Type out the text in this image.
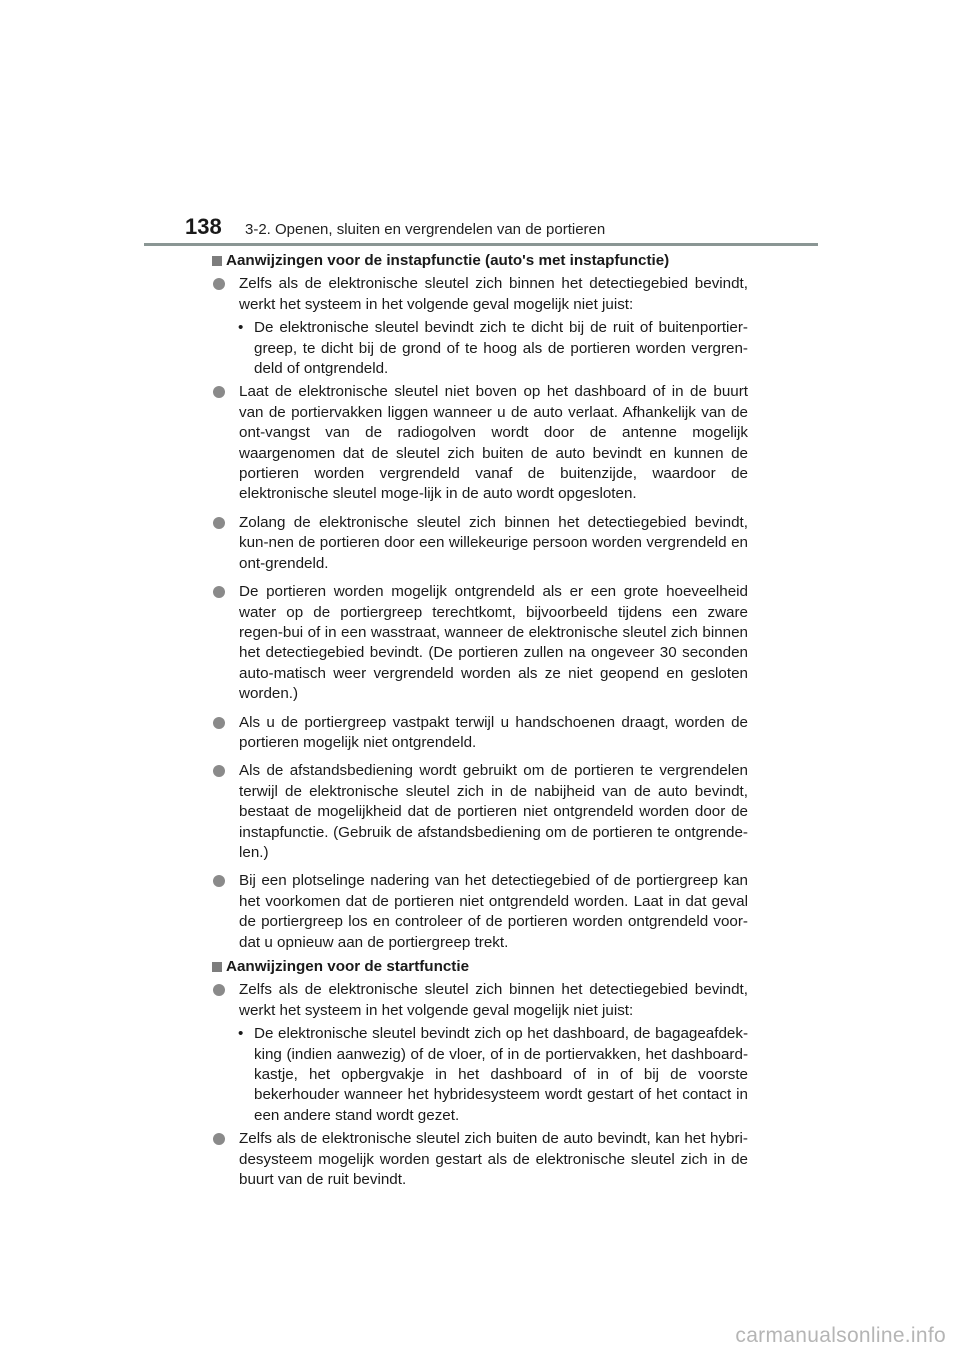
138	3-2. Openen, sluiten en vergrendelen van de portieren
Aanwijzingen voor de instapfunctie (auto's met instapfunctie)
Zelfs als de elektronische sleutel zich binnen het detectiegebied bevindt, werkt het systeem in het volgende geval mogelijk niet juist:
• De elektronische sleutel bevindt zich te dicht bij de ruit of buitenportier-greep, te dicht bij de grond of te hoog als de portieren worden vergren-deld of ontgrendeld.
Laat de elektronische sleutel niet boven op het dashboard of in de buurt van de portiervakken liggen wanneer u de auto verlaat. Afhankelijk van de ont-vangst van de radiogolven wordt door de antenne mogelijk waargenomen dat de sleutel zich buiten de auto bevindt en kunnen de portieren worden vergrendeld vanaf de buitenzijde, waardoor de elektronische sleutel moge-lijk in de auto wordt opgesloten.
Zolang de elektronische sleutel zich binnen het detectiegebied bevindt, kun-nen de portieren door een willekeurige persoon worden vergrendeld en ont-grendeld.
De portieren worden mogelijk ontgrendeld als er een grote hoeveelheid water op de portiergreep terechtkomt, bijvoorbeeld tijdens een zware regen-bui of in een wasstraat, wanneer de elektronische sleutel zich binnen het detectiegebied bevindt. (De portieren zullen na ongeveer 30 seconden auto-matisch weer vergrendeld worden als ze niet geopend en gesloten worden.)
Als u de portiergreep vastpakt terwijl u handschoenen draagt, worden de portieren mogelijk niet ontgrendeld.
Als de afstandsbediening wordt gebruikt om de portieren te vergrendelen terwijl de elektronische sleutel zich in de nabijheid van de auto bevindt, bestaat de mogelijkheid dat de portieren niet ontgrendeld worden door de instapfunctie. (Gebruik de afstandsbediening om de portieren te ontgrende-len.)
Bij een plotselinge nadering van het detectiegebied of de portiergreep kan het voorkomen dat de portieren niet ontgrendeld worden. Laat in dat geval de portiergreep los en controleer of de portieren worden ontgrendeld voor-dat u opnieuw aan de portiergreep trekt.
Aanwijzingen voor de startfunctie
Zelfs als de elektronische sleutel zich binnen het detectiegebied bevindt, werkt het systeem in het volgende geval mogelijk niet juist:
• De elektronische sleutel bevindt zich op het dashboard, de bagageafdek-king (indien aanwezig) of de vloer, of in de portiervakken, het dashboard-kastje, het opbergvakje in het dashboard of in of bij de voorste bekerhouder wanneer het hybridesysteem wordt gestart of het contact in een andere stand wordt gezet.
Zelfs als de elektronische sleutel zich buiten de auto bevindt, kan het hybri-desysteem mogelijk worden gestart als de elektronische sleutel zich in de buurt van de ruit bevindt.
carmanualsonline.info
